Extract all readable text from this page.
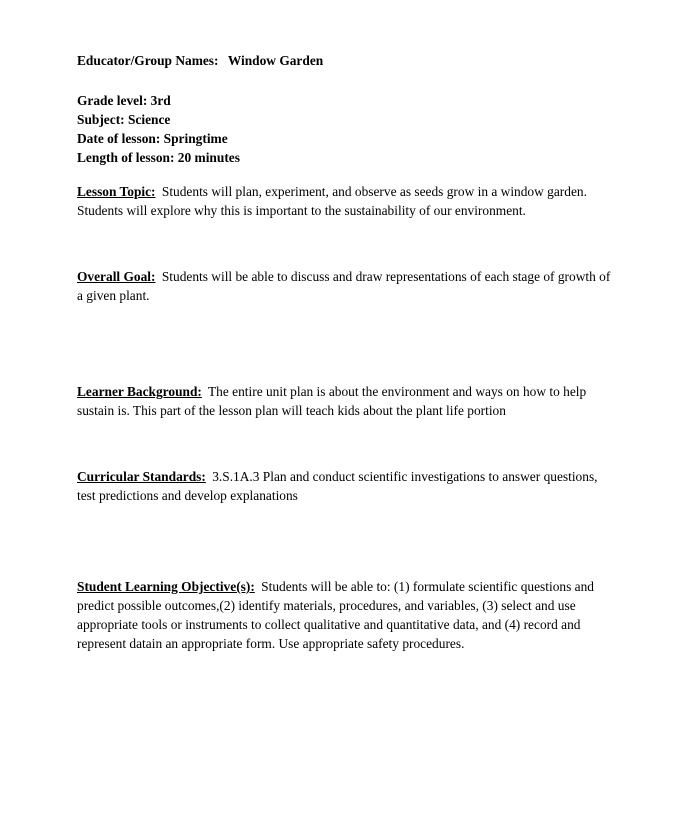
Educator/Group Names: Window Garden

Grade level: 3rd

Subject: Science

Date of lesson: Springtime

Length of lesson: 20 minutes

Lesson Topic: Students will plan, experiment, and observe as seeds grow in a window garden. Students will explore why this is important to the sustainability of our environment.

Overall Goal: Students will be able to discuss and draw representations of each stage of growth of a given plant.

Learner Background: The entire unit plan is about the environment and ways on how to help sustain is. This part of the lesson plan will teach kids about the plant life portion

Curricular Standards: 3.S.1A.3 Plan and conduct scientific investigations to answer questions, test predictions and develop explanations

Student Learning Objective(s): Students will be able to: (1) formulate scientific questions and predict possible outcomes,(2) identify materials, procedures, and variables, (3) select and use appropriate tools or instruments to collect qualitative and quantitative data, and (4) record and represent datain an appropriate form. Use appropriate safety procedures.
